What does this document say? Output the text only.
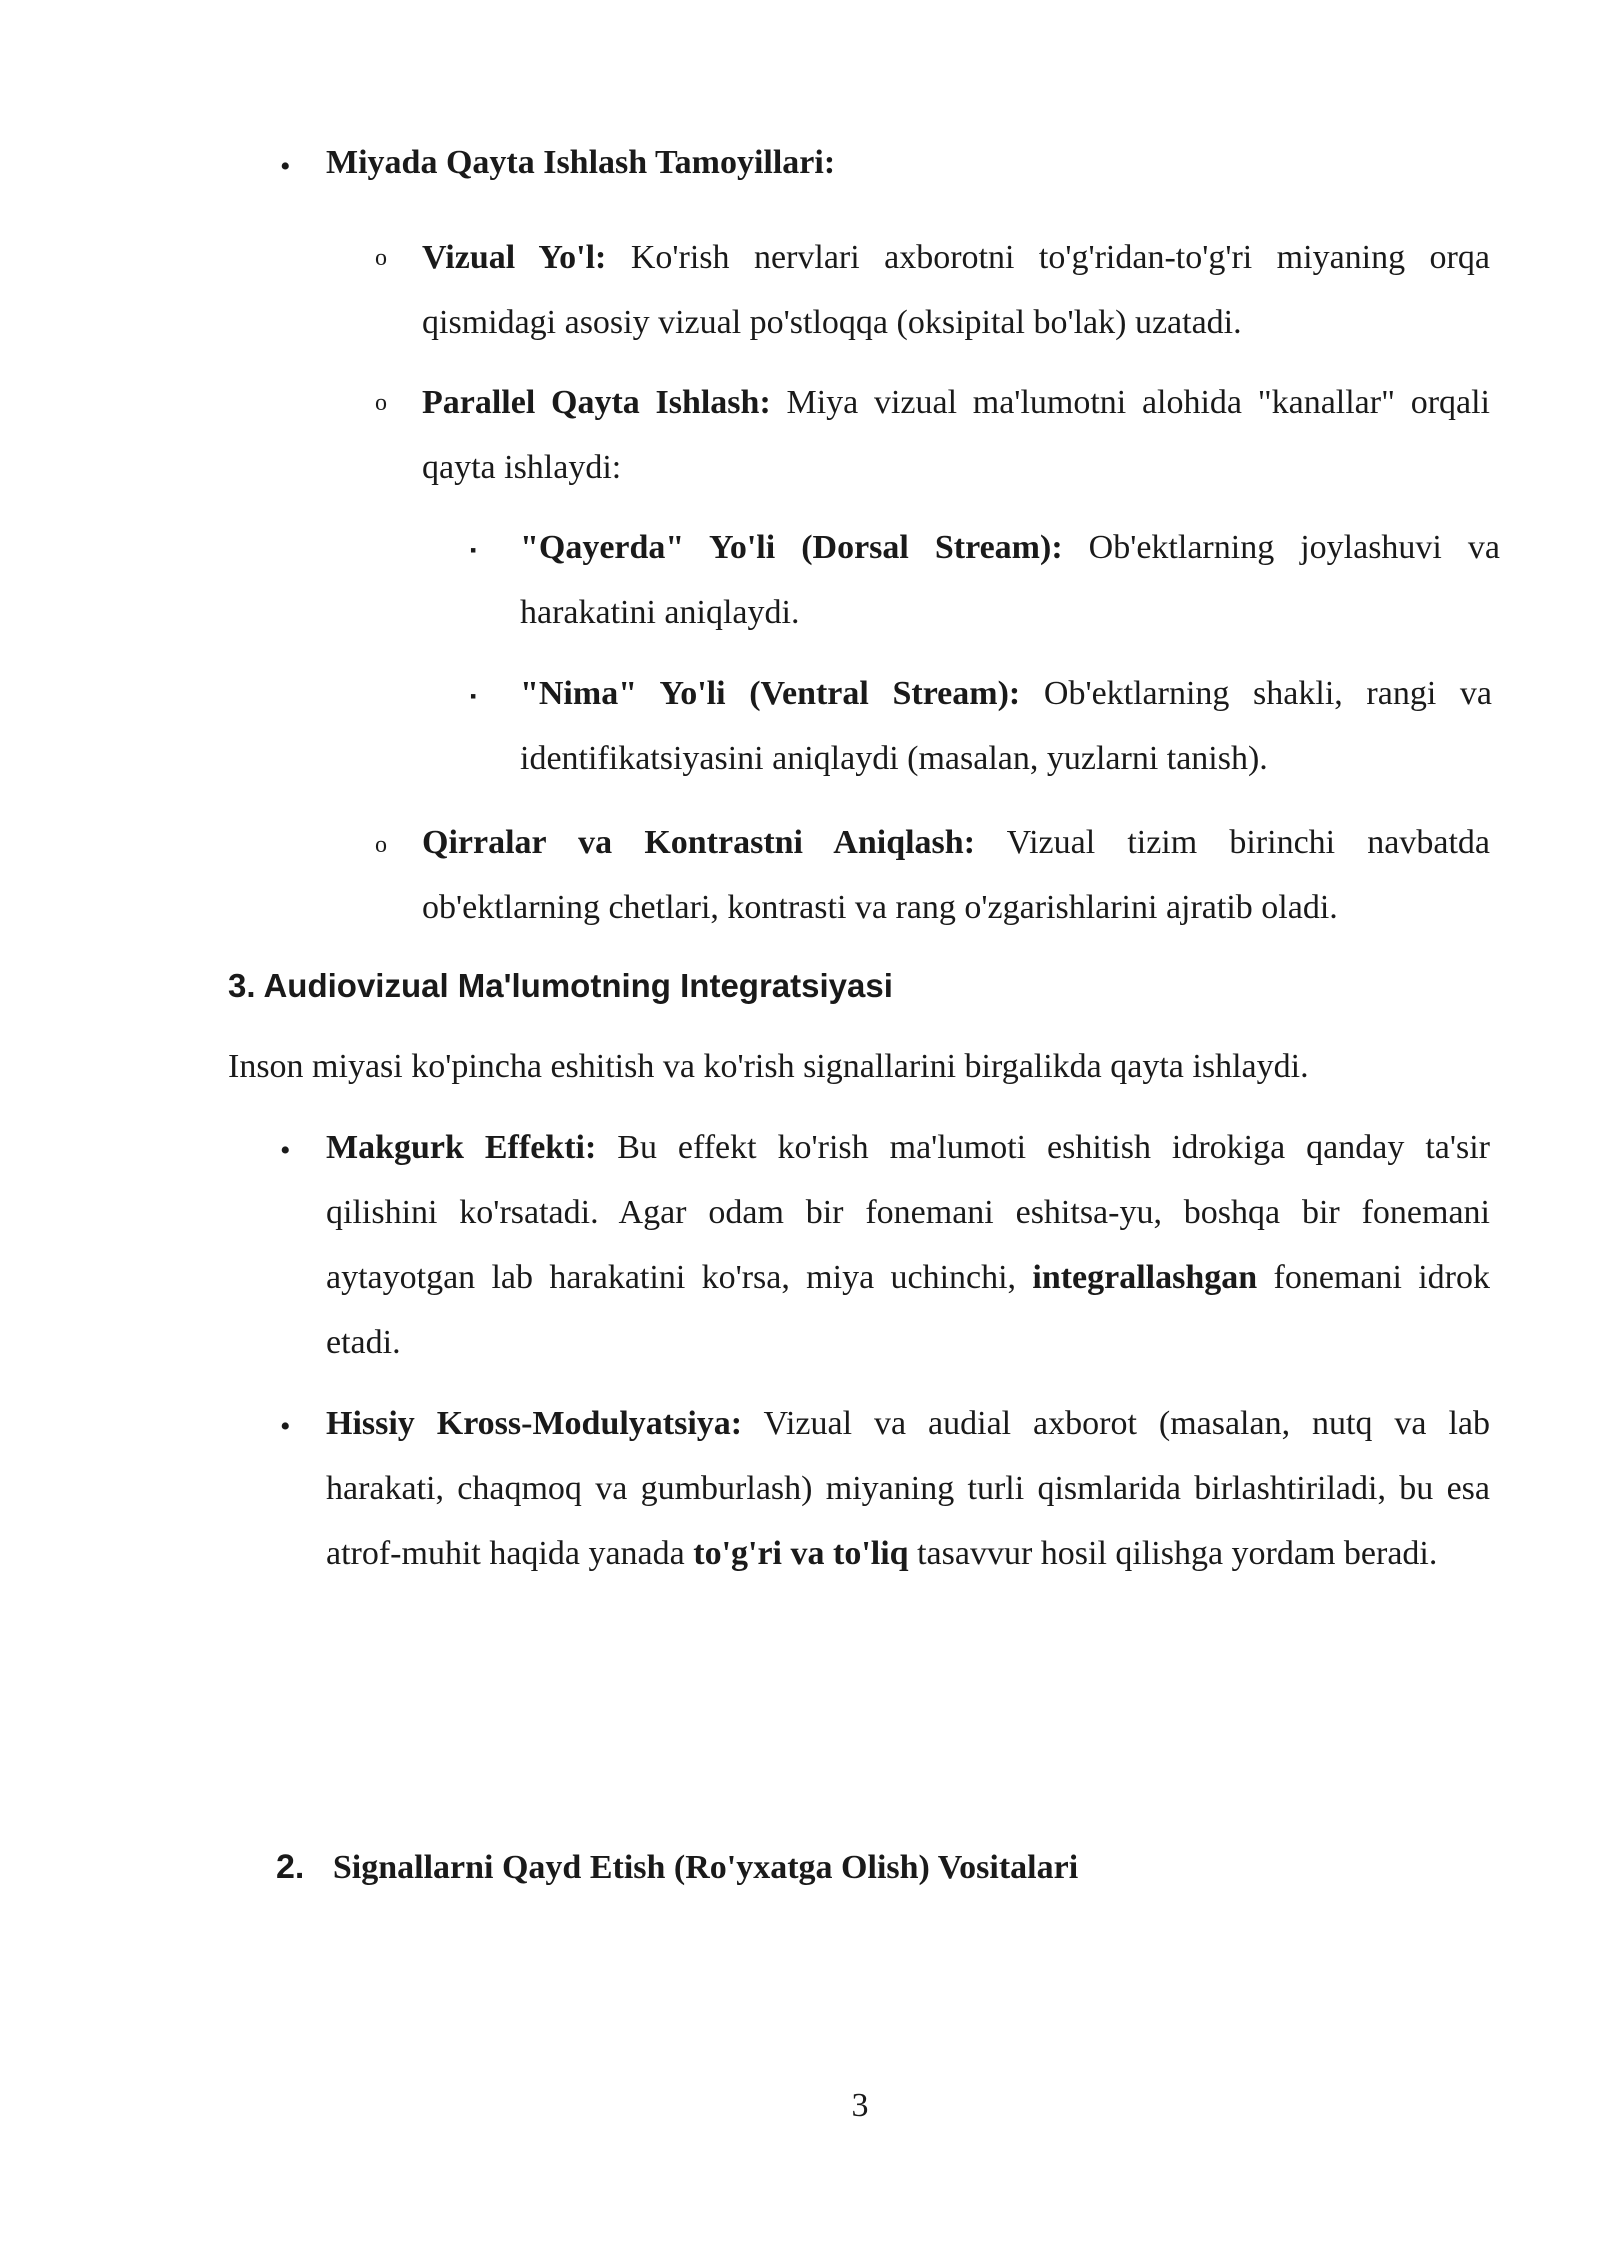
• Miyada Qayta Ishlash Tamoyillari:
o Vizual Yo'l: Ko'rish nervlari axborotni to'g'ridan-to'g'ri miyaning orqa qismidagi asosiy vizual po'stloqqa (oksipital bo'lak) uzatadi.
o Parallel Qayta Ishlash: Miya vizual ma'lumotni alohida "kanallar" orqali qayta ishlaydi:
▪ "Qayerda" Yo'li (Dorsal Stream): Ob'ektlarning joylashuvi va harakatini aniqlaydi.
▪ "Nima" Yo'li (Ventral Stream): Ob'ektlarning shakli, rangi va identifikatsiyasini aniqlaydi (masalan, yuzlarni tanish).
o Qirralar va Kontrastni Aniqlash: Vizual tizim birinchi navbatda ob'ektlarning chetlari, kontrasti va rang o'zgarishlarini ajratib oladi.
3. Audiovizual Ma'lumotning Integratsiyasi
Inson miyasi ko'pincha eshitish va ko'rish signallarini birgalikda qayta ishlaydi.
• Makgurk Effekti: Bu effekt ko'rish ma'lumoti eshitish idrokiga qanday ta'sir qilishini ko'rsatadi. Agar odam bir fonemani eshitsa-yu, boshqa bir fonemani aytayotgan lab harakatini ko'rsa, miya uchinchi, integrallashgan fonemani idrok etadi.
• Hissiy Kross-Modulyatsiya: Vizual va audial axborot (masalan, nutq va lab harakati, chaqmoq va gumburlash) miyaning turli qismlarida birlashtiriladi, bu esa atrof-muhit haqida yanada to'g'ri va to'liq tasavvur hosil qilishga yordam beradi.
2. Signallarni Qayd Etish (Ro'yxatga Olish) Vositalari
3
